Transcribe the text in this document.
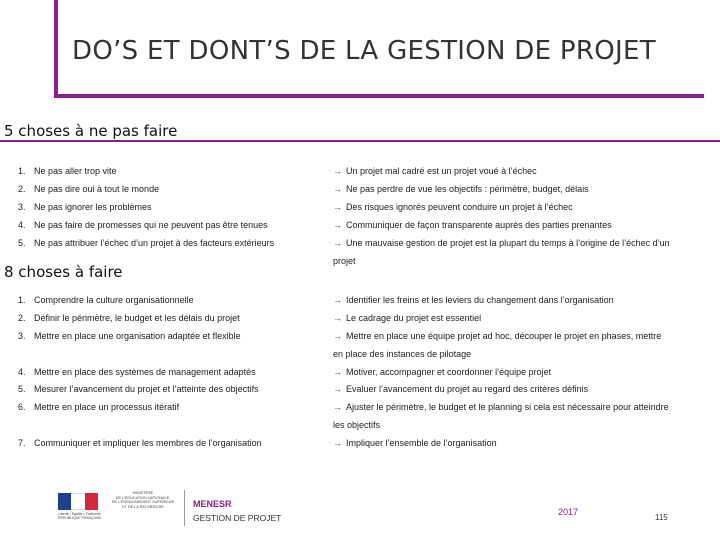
DO’S ET DONT’S DE LA GESTION DE PROJET
5 choses à ne pas faire
1. Ne pas aller trop vite	→ Un projet mal cadré est un projet voué à l’échec
2. Ne pas dire oui à tout le monde	→ Ne pas perdre de vue les objectifs : périmètre, budget, délais
3. Ne pas ignorer les problèmes	→ Des risques ignorés peuvent conduire un projet à l’échec
4. Ne pas faire de promesses qui ne peuvent pas être tenues	→ Communiquer de façon transparente auprès des parties prenantes
5. Ne pas attribuer l’échec d’un projet à des facteurs extérieurs	→ Une mauvaise gestion de projet est la plupart du temps à l’origine de l’échec d’un
projet
8 choses à faire
1. Comprendre la culture organisationnelle	→ Identifier les freins et les leviers du changement dans l’organisation
2. Définir le périmètre, le budget et les délais du projet	→ Le cadrage du projet est essentiel
3. Mettre en place une organisation adaptée et flexible	→ Mettre en place une équipe projet ad hoc, découper le projet en phases, mettre
en place des instances de pilotage
4. Mettre en place des systèmes de management adaptés	→ Motiver, accompagner et coordonner l’équipe projet
5. Mesurer l’avancement du projet et l’atteinte des objectifs	→ Evaluer l’avancement du projet au regard des critères définis
6. Mettre en place un processus itératif	→ Ajuster le périmètre, le budget et le planning si cela est nécessaire pour atteindre
les objectifs
7. Communiquer et impliquer les membres de l’organisation	→ Impliquer l’ensemble de l’organisation
Liberté • Égalité • Fraternité
RÉPUBLIQUE FRANÇAISE
MINISTÈRE
DE L’ÉDUCATION NATIONALE,
DE L’ENSEIGNEMENT SUPÉRIEUR
ET DE LA RECHERCHE	MENESR
GESTION DE PROJET
2017
115
